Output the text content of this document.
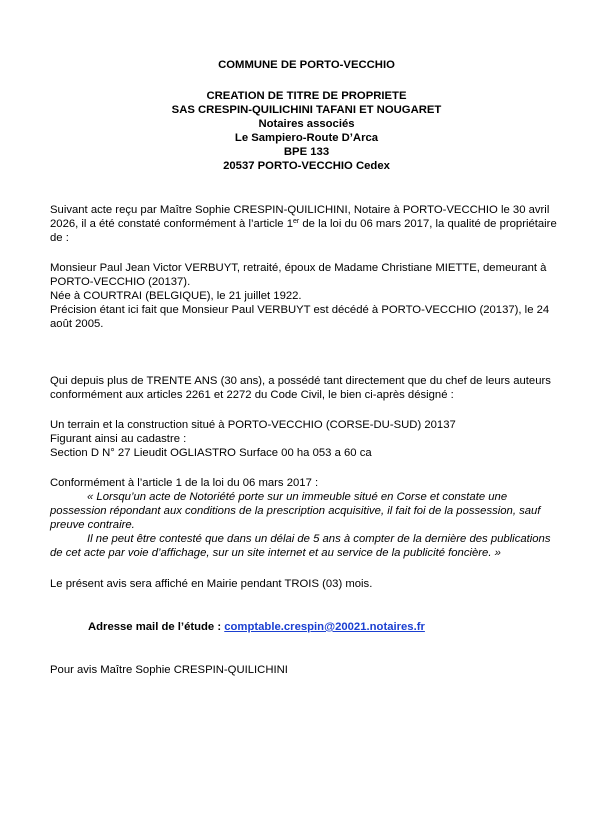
COMMUNE DE PORTO-VECCHIO

CREATION DE TITRE DE PROPRIETE

SAS CRESPIN-QUILICHINI TAFANI ET NOUGARET

Notaires associés

Le Sampiero-Route D’Arca

BPE 133

20537 PORTO-VECCHIO Cedex

Suivant acte reçu par Maître Sophie CRESPIN-QUILICHINI, Notaire à PORTO-VECCHIO le 30 avril 2026, il a été constaté conformément à l’article 1er de la loi du 06 mars 2017, la qualité de propriétaire de :

Monsieur Paul Jean Victor VERBUYT, retraité, époux de Madame Christiane MIETTE, demeurant à PORTO-VECCHIO (20137).

Née à COURTRAI (BELGIQUE), le 21 juillet 1922.

Précision étant ici fait que Monsieur Paul VERBUYT est décédé à PORTO-VECCHIO (20137), le 24 août 2005.

Qui depuis plus de TRENTE ANS (30 ans), a possédé tant directement que du chef de leurs auteurs conformément aux articles 2261 et 2272 du Code Civil, le bien ci-après désigné :

Un terrain et la construction situé à PORTO-VECCHIO (CORSE-DU-SUD) 20137

Figurant ainsi au cadastre :

Section D N° 27 Lieudit OGLIASTRO Surface 00 ha 053 a 60 ca

Conformément à l’article 1 de la loi du 06 mars 2017 :

« Lorsqu’un acte de Notoriété porte sur un immeuble situé en Corse et constate une possession répondant aux conditions de la prescription acquisitive, il fait foi de la possession, sauf preuve contraire.

Il ne peut être contesté que dans un délai de 5 ans à compter de la dernière des publications de cet acte par voie d’affichage, sur un site internet et au service de la publicité foncière. »

Le présent avis sera affiché en Mairie pendant TROIS (03) mois.

Adresse mail de l’étude : comptable.crespin@20021.notaires.fr

Pour avis Maître Sophie CRESPIN-QUILICHINI
